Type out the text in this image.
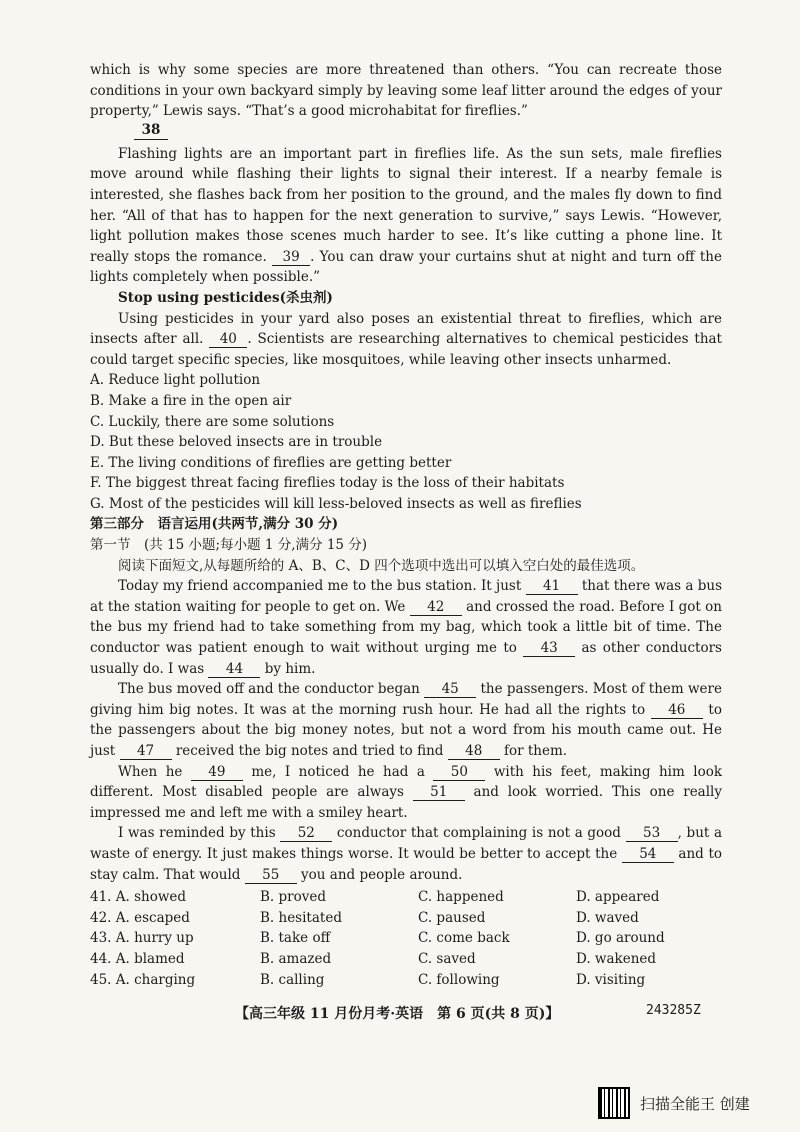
which is why some species are more threatened than others. “You can recreate those conditions in your own backyard simply by leaving some leaf litter around the edges of your property,” Lewis says. “That’s a good microhabitat for fireflies.”

38

Flashing lights are an important part in fireflies life. As the sun sets, male fireflies move around while flashing their lights to signal their interest. If a nearby female is interested, she flashes back from her position to the ground, and the males fly down to find her. “All of that has to happen for the next generation to survive,” says Lewis. “However, light pollution makes those scenes much harder to see. It’s like cutting a phone line. It really stops the romance. 39 . You can draw your curtains shut at night and turn off the lights completely when possible.”

Stop using pesticides(杀虫剂)

Using pesticides in your yard also poses an existential threat to fireflies, which are insects after all. 40 . Scientists are researching alternatives to chemical pesticides that could target specific species, like mosquitoes, while leaving other insects unharmed.

A. Reduce light pollution
B. Make a fire in the open air
C. Luckily, there are some solutions
D. But these beloved insects are in trouble
E. The living conditions of fireflies are getting better
F. The biggest threat facing fireflies today is the loss of their habitats
G. Most of the pesticides will kill less-beloved insects as well as fireflies

第三部分　语言运用(共两节,满分 30 分)

第一节　(共 15 小题;每小题 1 分,满分 15 分)

阅读下面短文,从每题所给的 A、B、C、D 四个选项中选出可以填入空白处的最佳选项。

Today my friend accompanied me to the bus station. It just 41 that there was a bus at the station waiting for people to get on. We 42 and crossed the road. Before I got on the bus my friend had to take something from my bag, which took a little bit of time. The conductor was patient enough to wait without urging me to 43 as other conductors usually do. I was 44 by him.

The bus moved off and the conductor began 45 the passengers. Most of them were giving him big notes. It was at the morning rush hour. He had all the rights to 46 to the passengers about the big money notes, but not a word from his mouth came out. He just 47 received the big notes and tried to find 48 for them.

When he 49 me, I noticed he had a 50 with his feet, making him look different. Most disabled people are always 51 and look worried. This one really impressed me and left me with a smiley heart.

I was reminded by this 52 conductor that complaining is not a good 53 , but a waste of energy. It just makes things worse. It would be better to accept the 54 and to stay calm. That would 55 you and people around.

41. A. showed	B. proved	C. happened	D. appeared
42. A. escaped	B. hesitated	C. paused	D. waved
43. A. hurry up	B. take off	C. come back	D. go around
44. A. blamed	B. amazed	C. saved	D. wakened
45. A. charging	B. calling	C. following	D. visiting
【高三年级 11 月份月考·英语　第 6 页(共 8 页)】	243285Z
扫描全能王 创建
